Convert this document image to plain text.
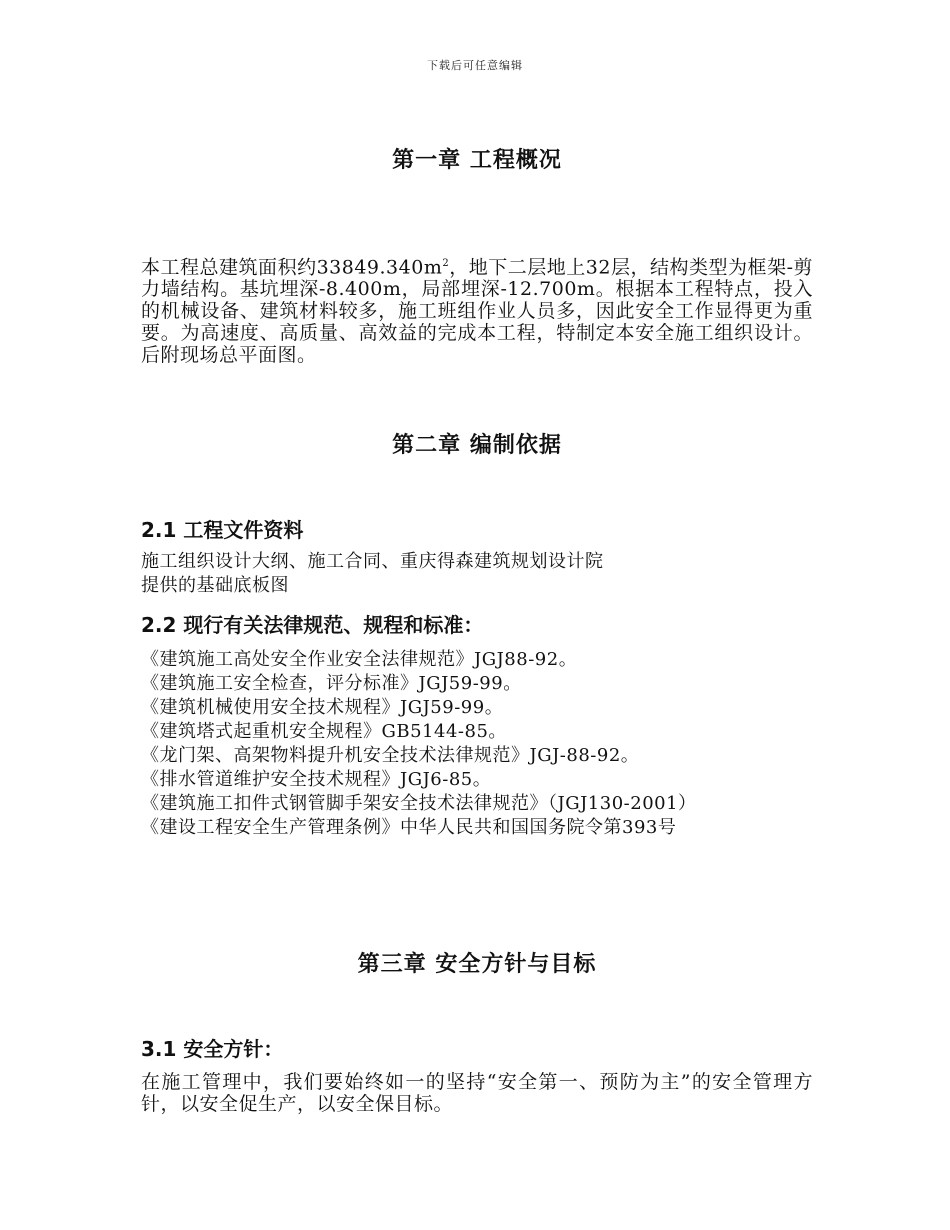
下载后可任意编辑
第一章 工程概况

本工程总建筑面积约$33849.340m^2$，地下二层地上32层，结构类型为框架-剪力墙结构。基坑埋深-8.400m，局部埋深-12.700m。根据本工程特点，投入的机械设备、建筑材料较多，施工班组作业人员多，因此安全工作显得更为重要。为高速度、高质量、高效益的完成本工程，特制定本安全施工组织设计。后附现场总平面图。

第二章 编制依据
2.1 工程文件资料
施工组织设计大纲、施工合同、重庆得森建筑规划设计院
提供的基础底板图
2.2 现行有关法律规范、规程和标准：
《建筑施工高处安全作业安全法律规范》JGJ88-92。
《建筑施工安全检查，评分标准》JGJ59-99。
《建筑机械使用安全技术规程》JGJ59-99。
《建筑塔式起重机安全规程》GB5144-85。
《龙门架、高架物料提升机安全技术法律规范》JGJ-88-92。
《排水管道维护安全技术规程》JGJ6-85。
《建筑施工扣件式钢管脚手架安全技术法律规范》（JGJ130-2001）
《建设工程安全生产管理条例》中华人民共和国国务院令第393号
第三章 安全方针与目标
3.1 安全方针：

在施工管理中，我们要始终如一的坚持“安全第一、预防为主”的安全管理方针，以安全促生产，以安全保目标。
